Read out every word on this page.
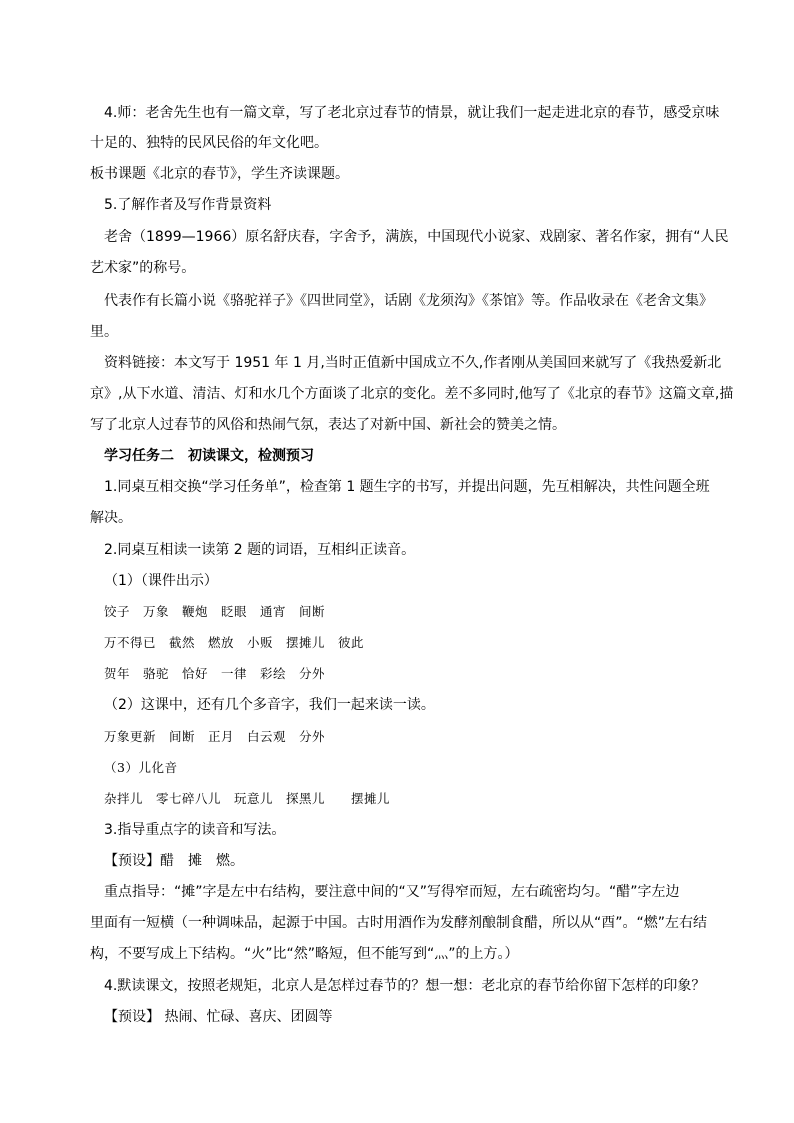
4.师：老舍先生也有一篇文章，写了老北京过春节的情景，就让我们一起走进北京的春节，感受京味
十足的、独特的民风民俗的年文化吧。
板书课题《北京的春节》，学生齐读课题。
5.了解作者及写作背景资料
老舍（1899—1966）原名舒庆春，字舍予，满族，中国现代小说家、戏剧家、著名作家，拥有“人民
艺术家”的称号。
代表作有长篇小说《骆驼祥子》《四世同堂》，话剧《龙须沟》《茶馆》等。作品收录在《老舍文集》
里。
资料链接：本文写于 1951 年 1 月,当时正值新中国成立不久,作者刚从美国回来就写了《我热爱新北
京》,从下水道、清洁、灯和水几个方面谈了北京的变化。差不多同时,他写了《北京的春节》这篇文章,描
写了北京人过春节的风俗和热闹气氛，表达了对新中国、新社会的赞美之情。
学习任务二　初读课文，检测预习
1.同桌互相交换“学习任务单”，检查第 1 题生字的书写，并提出问题，先互相解决，共性问题全班
解决。
2.同桌互相读一读第 2 题的词语，互相纠正读音。
（1）（课件出示）
饺子　万象　鞭炮　眨眼　通宵　间断
万不得已　截然　燃放　小贩　摆摊儿　彼此
贺年　骆驼　恰好　一律　彩绘　分外
（2）这课中，还有几个多音字，我们一起来读一读。
万象更新　间断　正月　白云观　分外
（3）儿化音
杂拌儿　零七碎八儿　玩意儿　探黑儿　　摆摊儿
3.指导重点字的读音和写法。
【预设】醋　摊　燃。
重点指导：“摊”字是左中右结构，要注意中间的“又”写得窄而短，左右疏密均匀。“醋”字左边
里面有一短横（一种调味品，起源于中国。古时用酒作为发酵剂酿制食醋，所以从“酉”。“燃”左右结
构，不要写成上下结构。“火”比“然”略短，但不能写到“灬”的上方。）
4.默读课文，按照老规矩，北京人是怎样过春节的？想一想：老北京的春节给你留下怎样的印象？
【预设】 热闹、忙碌、喜庆、团圆等
